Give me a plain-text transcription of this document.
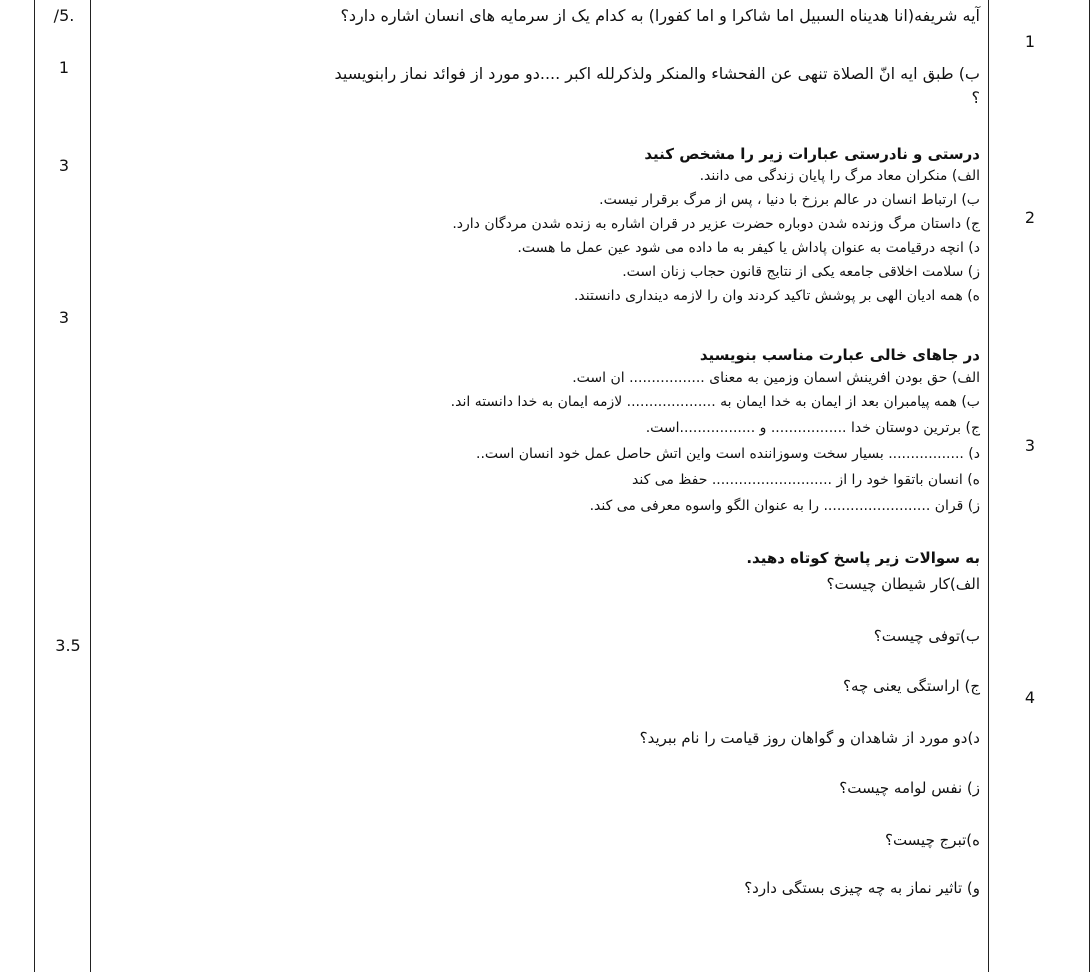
/5.
1
3
3
3.5
1
2
3
4
آیه شریفه(انا هدیناه السبیل اما شاکرا و اما کفورا) به کدام یک از سرمایه های انسان اشاره دارد؟
ب) طبق ایه انّ الصلاة تنهی عن الفحشاء والمنکر ولذکرلله اکبر ....دو مورد از فوائد نماز رابنویسید
؟
درستی و نادرستی عبارات زیر را مشخص کنید
الف) منکران معاد مرگ را پایان زندگی می دانند.
ب) ارتباط انسان در عالم برزخ با دنیا ، پس از مرگ برقرار نیست.
ج) داستان مرگ وزنده شدن دوباره حضرت عزیر در قران اشاره به زنده شدن مردگان دارد.
د) انچه درقیامت به عنوان پاداش یا کیفر به ما داده می شود عین عمل ما هست.
ز) سلامت اخلاقی جامعه یکی از نتایج قانون حجاب زنان است.
ه) همه ادیان الهی بر پوشش تاکید کردند وان را لازمه دینداری دانستند.
در جاهای خالی عبارت مناسب بنویسید
الف) حق بودن افرینش اسمان وزمین به معنای ................. ان است.
ب) همه پیامبران بعد از ایمان به خدا ایمان به .................... لازمه ایمان به خدا دانسته اند.
ج) برترین دوستان خدا ................. و .................است.
د) ................. بسیار سخت وسوزاننده است واین اتش حاصل عمل خود انسان است..
ه) انسان باتقوا خود را از ........................... حفظ می کند
ز) قران ........................ را به عنوان الگو واسوه معرفی می کند.
به سوالات زیر پاسخ کوتاه دهید.
الف)کار شیطان چیست؟
ب)توفی چیست؟
ج) اراستگی یعنی چه؟
د)دو مورد از شاهدان و گواهان روز قیامت را نام ببرید؟
ز) نفس لوامه چیست؟
ه)تبرج چیست؟
و) تاثیر نماز به چه چیزی بستگی دارد؟
